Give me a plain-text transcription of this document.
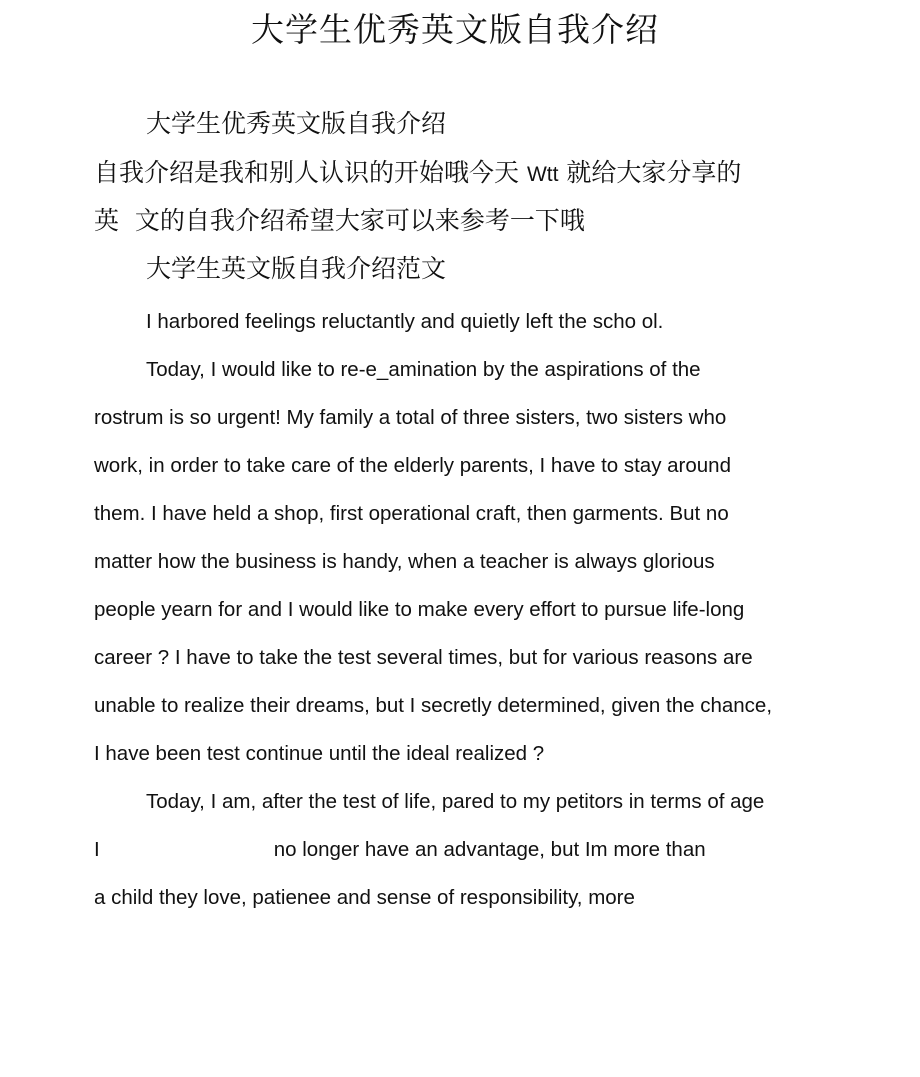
大学生优秀英文版自我介绍
大学生优秀英文版自我介绍
自我介绍是我和别人认识的开始哦今天 Wtt 就给大家分享的
英 文的自我介绍希望大家可以来参考一下哦
大学生英文版自我介绍范文
I harbored feelings reluctantly and quietly left the scho ol.
Today, I would like to re-e_amination by the aspirations of the
rostrum is so urgent! My family a total of three sisters, two sisters who
work, in order to take care of the elderly parents, I have to stay around
them. I have held a shop, first operational craft, then garments. But no
matter how the business is handy, when a teacher is always glorious
people yearn for and I would like to make every effort to pursue life-long
career ? I have to take the test several times, but for various reasons are
unable to realize their dreams, but I secretly determined, given the chance,
I have been test continue until the ideal realized ?
Today, I am, after the test of life, pared to my petitors in terms of age
I	no longer have an advantage, but Im more than
a child they love, patienee and sense of responsibility, more
